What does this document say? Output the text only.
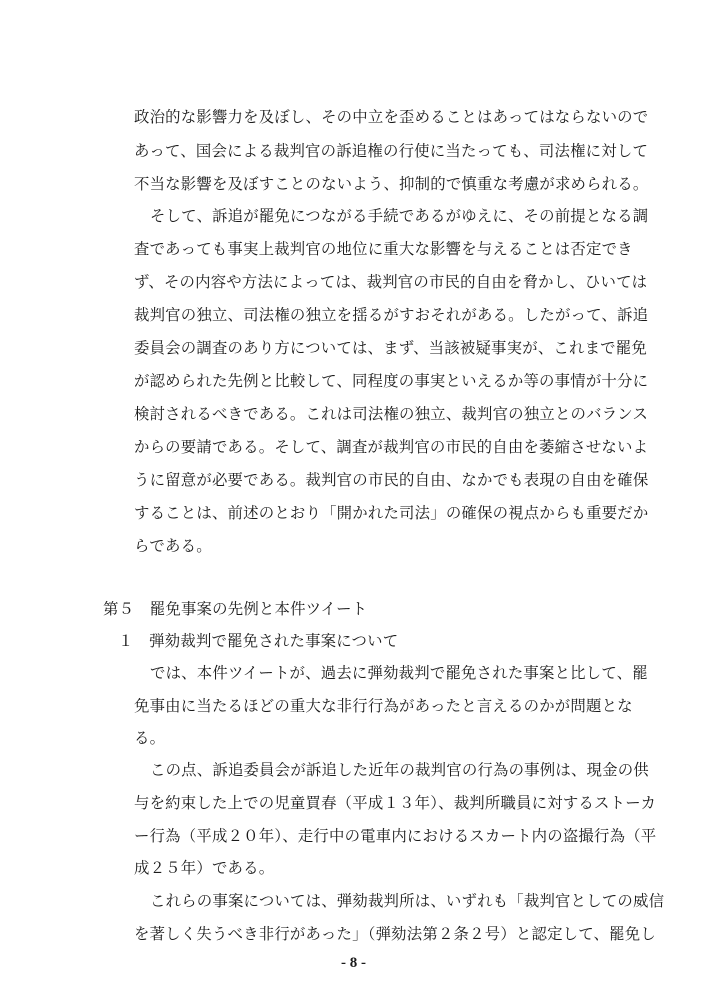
政治的な影響力を及ぼし、その中立を歪めることはあってはならないので
あって、国会による裁判官の訴追権の行使に当たっても、司法権に対して
不当な影響を及ぼすことのないよう、抑制的で慎重な考慮が求められる。
そして、訴追が罷免につながる手続であるがゆえに、その前提となる調
査であっても事実上裁判官の地位に重大な影響を与えることは否定でき
ず、その内容や方法によっては、裁判官の市民的自由を脅かし、ひいては
裁判官の独立、司法権の独立を揺るがすおそれがある。したがって、訴追
委員会の調査のあり方については、まず、当該被疑事実が、これまで罷免
が認められた先例と比較して、同程度の事実といえるか等の事情が十分に
検討されるべきである。これは司法権の独立、裁判官の独立とのバランス
からの要請である。そして、調査が裁判官の市民的自由を萎縮させないよ
うに留意が必要である。裁判官の市民的自由、なかでも表現の自由を確保
することは、前述のとおり「開かれた司法」の確保の視点からも重要だか
らである。
第５　罷免事案の先例と本件ツイート
１　弾劾裁判で罷免された事案について
では、本件ツイートが、過去に弾劾裁判で罷免された事案と比して、罷
免事由に当たるほどの重大な非行行為があったと言えるのかが問題とな
る。
この点、訴追委員会が訴追した近年の裁判官の行為の事例は、現金の供
与を約束した上での児童買春（平成１３年）、裁判所職員に対するストーカ
ー行為（平成２０年）、走行中の電車内におけるスカート内の盗撮行為（平
成２５年）である。
これらの事案については、弾劾裁判所は、いずれも「裁判官としての威信
を著しく失うべき非行があった」（弾劾法第２条２号）と認定して、罷免し
- 8 -
